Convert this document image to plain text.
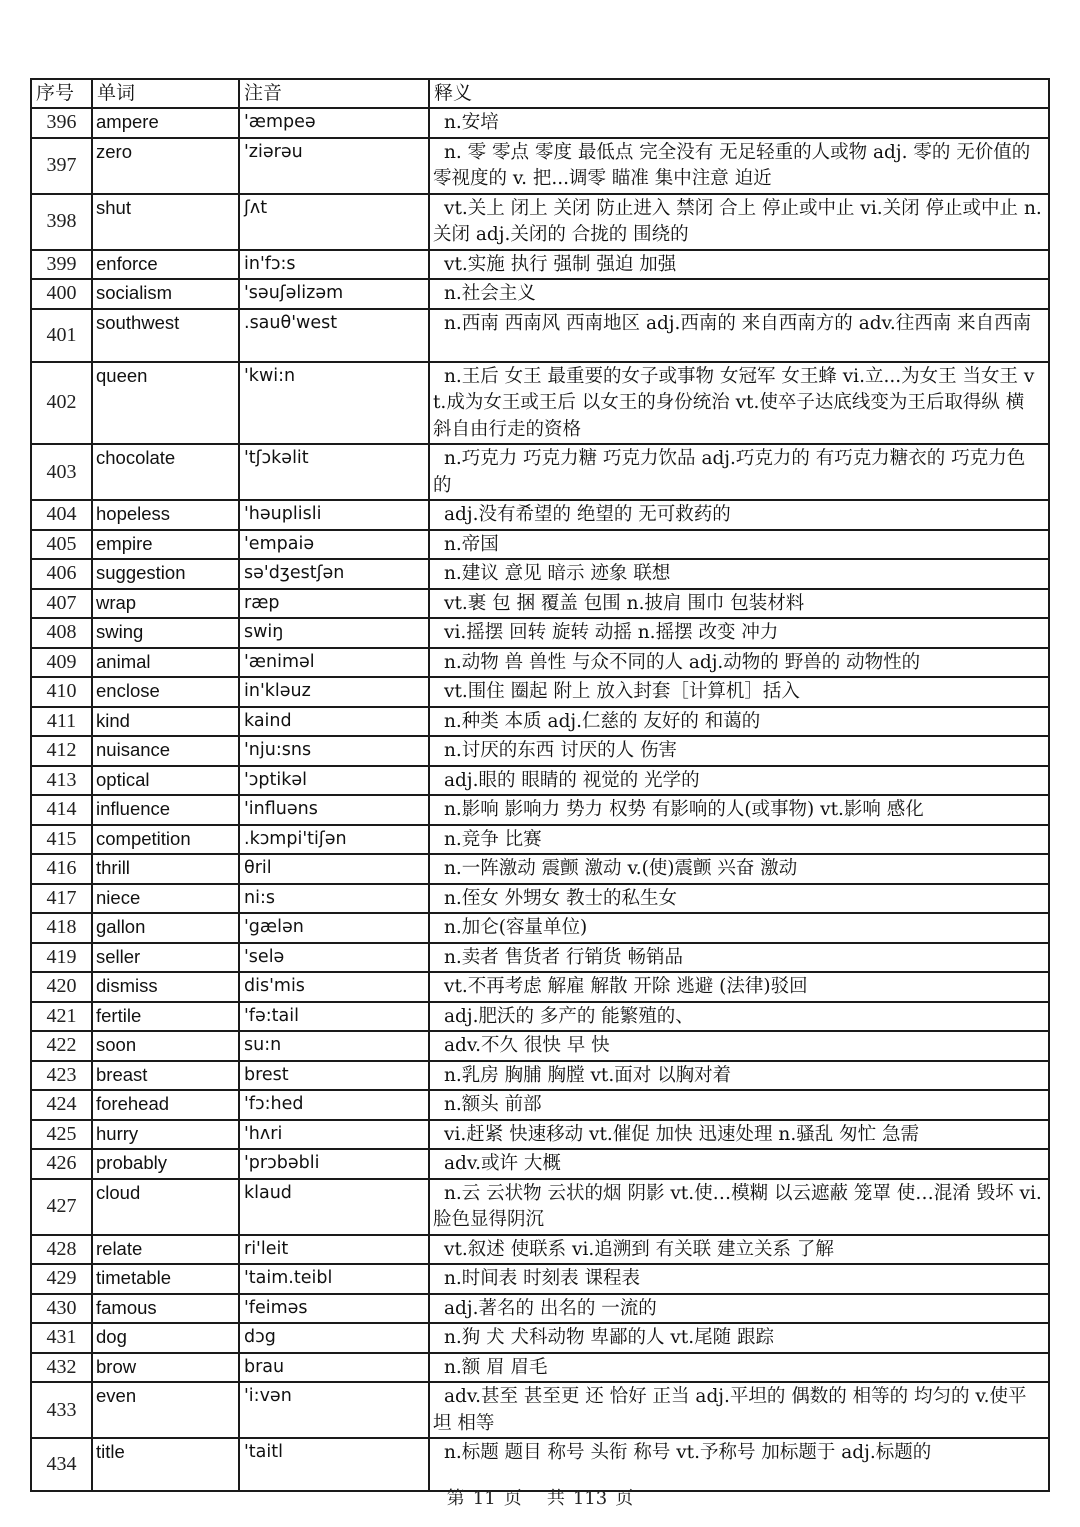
序号	单词	注音	释义
396	ampere	'æmpeə	n.安培
397	zero	'ziərəu	n. 零 零点 零度 最低点 完全没有 无足轻重的人或物 adj. 零的 无价值的 零视度的 v. 把...调零 瞄准 集中注意 迫近
398	shut	ʃʌt	vt.关上 闭上 关闭 防止进入 禁闭 合上 停止或中止 vi.关闭 停止或中止 n.关闭 adj.关闭的 合拢的 围绕的
399	enforce	in'fɔ:s	vt.实施 执行 强制 强迫 加强
400	socialism	'səuʃəlizəm	n.社会主义
401	southwest	.sauθ'west	n.西南 西南风 西南地区 adj.西南的 来自西南方的 adv.往西南 来自西南
402	queen	'kwi:n	n.王后 女王 最重要的女子或事物 女冠军 女王蜂 vi.立...为女王 当女王 vt.成为女王或王后 以女王的身份统治 vt.使卒子达底线变为王后取得纵 横 斜自由行走的资格
403	chocolate	'tʃɔkəlit	n.巧克力 巧克力糖 巧克力饮品 adj.巧克力的 有巧克力糖衣的 巧克力色的
404	hopeless	'həuplisli	adj.没有希望的 绝望的 无可救药的
405	empire	'empaiə	n.帝国
406	suggestion	sə'dʒestʃən	n.建议 意见 暗示 迹象 联想
407	wrap	ræp	vt.裹 包 捆 覆盖 包围 n.披肩 围巾 包装材料
408	swing	swiŋ	vi.摇摆 回转 旋转 动摇 n.摇摆 改变 冲力
409	animal	'æniməl	n.动物 兽 兽性 与众不同的人 adj.动物的 野兽的 动物性的
410	enclose	in'kləuz	vt.围住 圈起 附上 放入封套［计算机］括入
411	kind	kaind	n.种类 本质 adj.仁慈的 友好的 和蔼的
412	nuisance	'nju:sns	n.讨厌的东西 讨厌的人 伤害
413	optical	'ɔptikəl	adj.眼的 眼睛的 视觉的 光学的
414	influence	'influəns	n.影响 影响力 势力 权势 有影响的人(或事物) vt.影响 感化
415	competition	.kɔmpi'tiʃən	n.竞争 比赛
416	thrill	θril	n.一阵激动 震颤 激动 v.(使)震颤 兴奋 激动
417	niece	ni:s	n.侄女 外甥女 教士的私生女
418	gallon	'gælən	n.加仑(容量单位)
419	seller	'selə	n.卖者 售货者 行销货 畅销品
420	dismiss	dis'mis	vt.不再考虑 解雇 解散 开除 逃避 (法律)驳回
421	fertile	'fə:tail	adj.肥沃的 多产的 能繁殖的、
422	soon	su:n	adv.不久 很快 早 快
423	breast	brest	n.乳房 胸脯 胸膛 vt.面对 以胸对着
424	forehead	'fɔ:hed	n.额头 前部
425	hurry	'hʌri	vi.赶紧 快速移动 vt.催促 加快 迅速处理 n.骚乱 匆忙 急需
426	probably	'prɔbəbli	adv.或许 大概
427	cloud	klaud	n.云 云状物 云状的烟 阴影 vt.使…模糊 以云遮蔽 笼罩 使…混淆 毁坏 vi.脸色显得阴沉
428	relate	ri'leit	vt.叙述 使联系 vi.追溯到 有关联 建立关系 了解
429	timetable	'taim.teibl	n.时间表 时刻表 课程表
430	famous	'feiməs	adj.著名的 出名的 一流的
431	dog	dɔg	n.狗 犬 犬科动物 卑鄙的人 vt.尾随 跟踪
432	brow	brau	n.额 眉 眉毛
433	even	'i:vən	adv.甚至 甚至更 还 恰好 正当 adj.平坦的 偶数的 相等的 均匀的 v.使平坦 相等
434	title	'taitl	n.标题 题目 称号 头衔 称号 vt.予称号 加标题于 adj.标题的
第 11 页 共 113 页
